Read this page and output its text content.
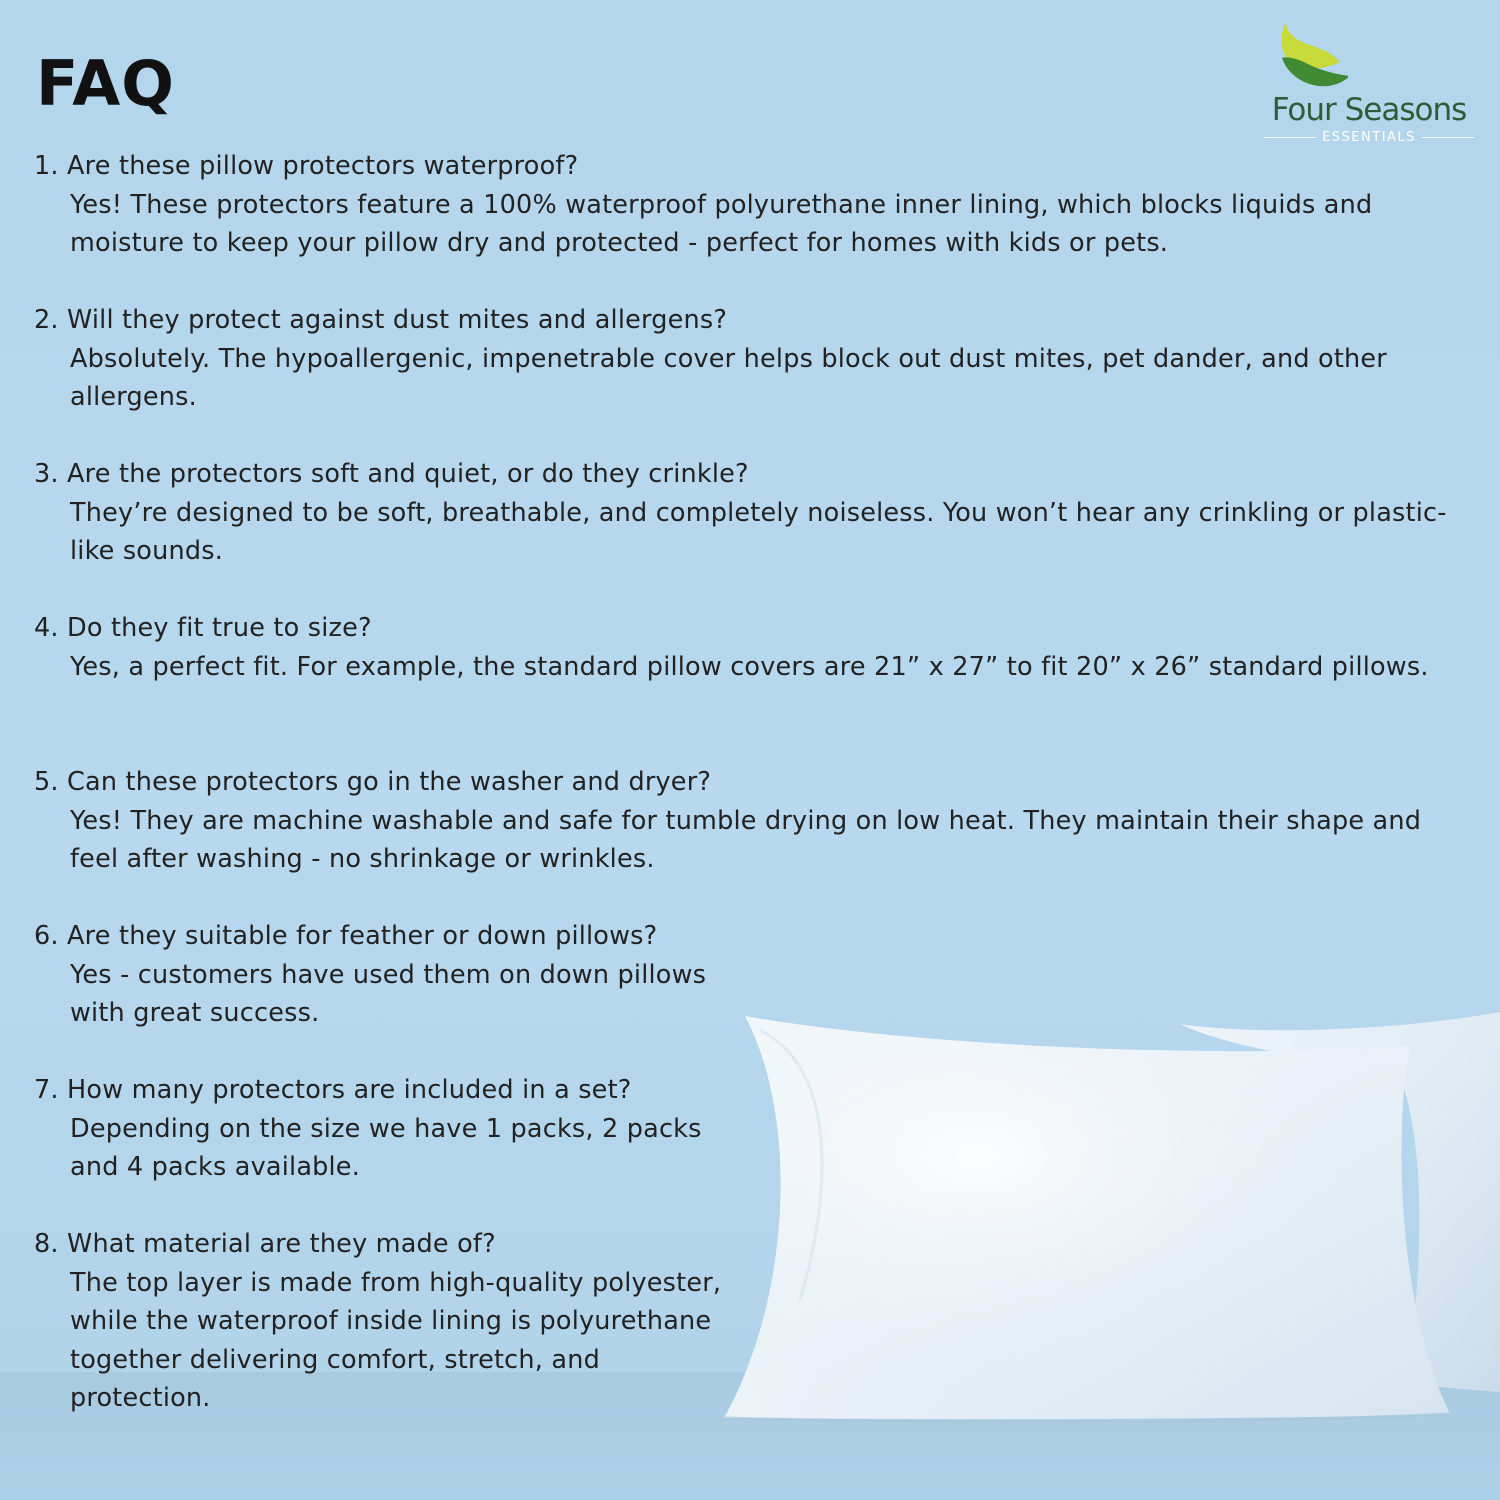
FAQ	Four Seasons
ESSENTIALS
1. Are these pillow protectors waterproof?
Yes! These protectors feature a 100% waterproof polyurethane inner lining, which blocks liquids and moisture to keep your pillow dry and protected - perfect for homes with kids or pets.
2. Will they protect against dust mites and allergens?
Absolutely. The hypoallergenic, impenetrable cover helps block out dust mites, pet dander, and other allergens.
3. Are the protectors soft and quiet, or do they crinkle?
They’re designed to be soft, breathable, and completely noiseless. You won’t hear any crinkling or plastic-like sounds.
4. Do they fit true to size?
Yes, a perfect fit. For example, the standard pillow covers are 21” x 27” to fit 20” x 26” standard pillows.
5. Can these protectors go in the washer and dryer?
Yes! They are machine washable and safe for tumble drying on low heat. They maintain their shape and feel after washing - no shrinkage or wrinkles.
6. Are they suitable for feather or down pillows?
Yes - customers have used them on down pillows with great success.
7. How many protectors are included in a set?
Depending on the size we have 1 packs, 2 packs and 4 packs available.
8. What material are they made of?
The top layer is made from high-quality polyester, while the waterproof inside lining is polyurethane together delivering comfort, stretch, and protection.
